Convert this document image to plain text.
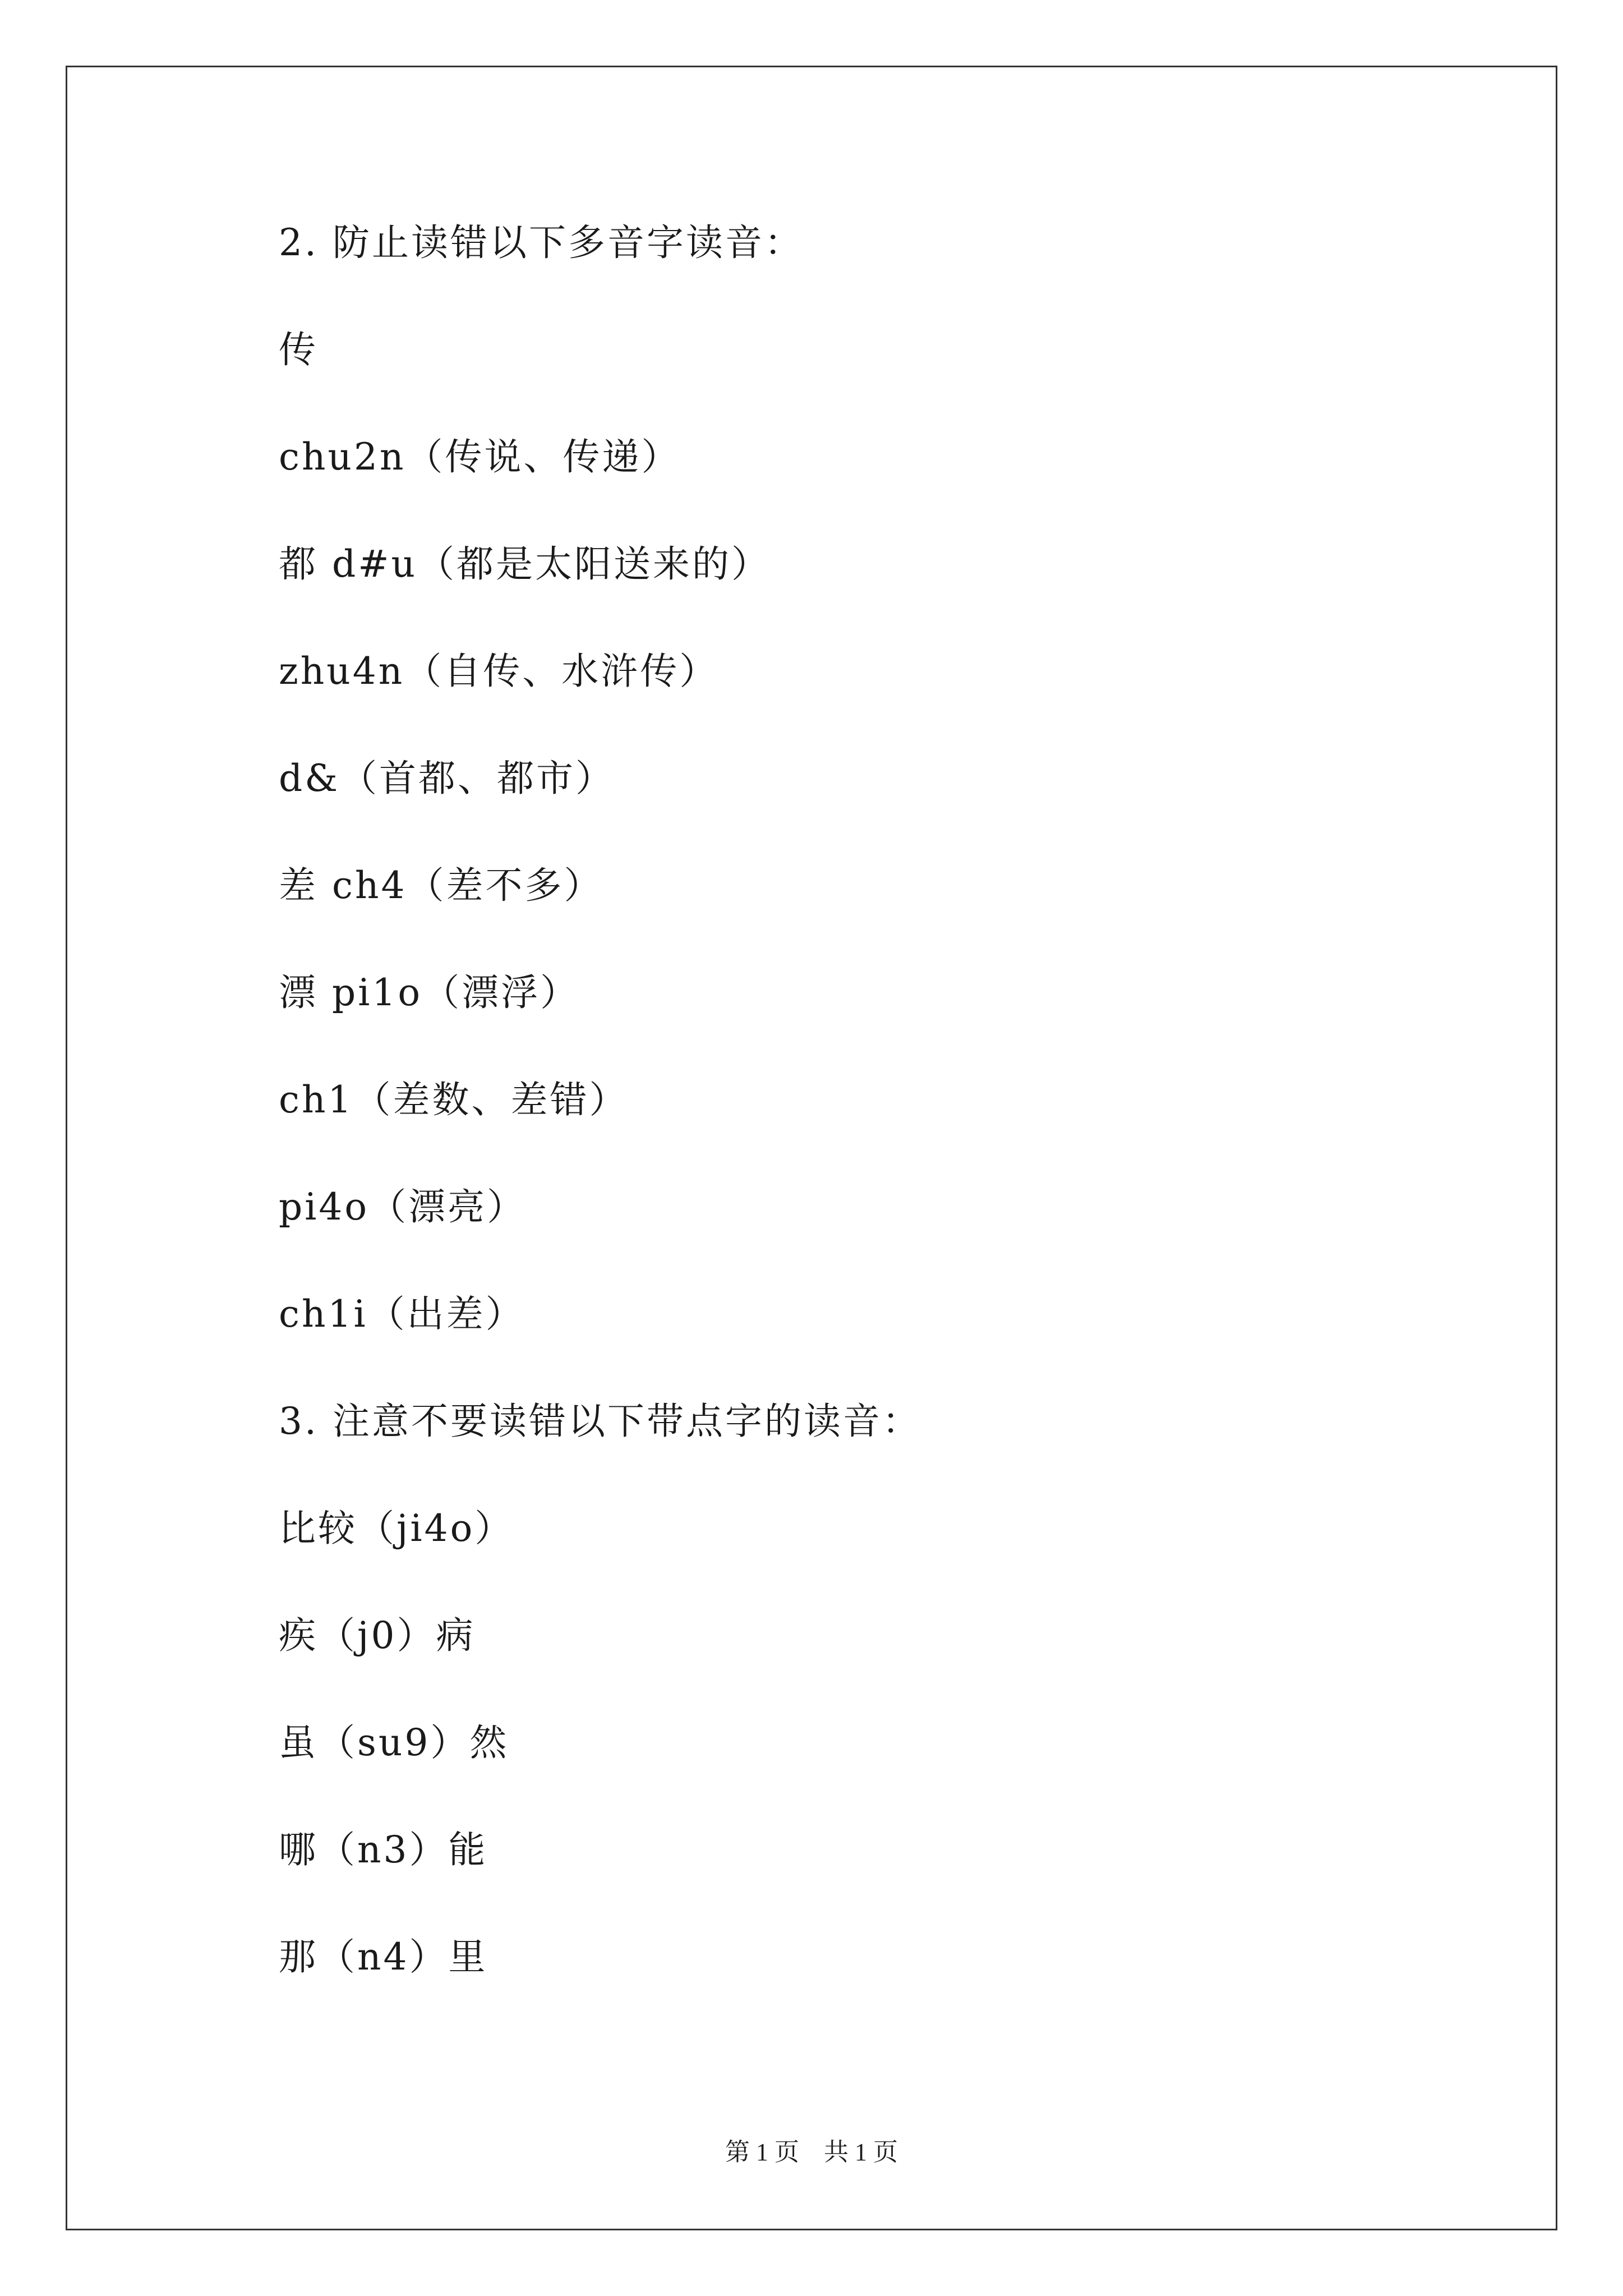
2. 防止读错以下多音字读音：
传
chu2n（传说、传递）
都 d#u（都是太阳送来的）
zhu4n（自传、水浒传）
d&（首都、都市）
差 ch4（差不多）
漂 pi1o（漂浮）
ch1（差数、差错）
pi4o（漂亮）
ch1i（出差）
3. 注意不要读错以下带点字的读音：
比较（ji4o）
疾（j0）病
虽（su9）然
哪（n3）能
那（n4）里
第 1 页　共 1 页
